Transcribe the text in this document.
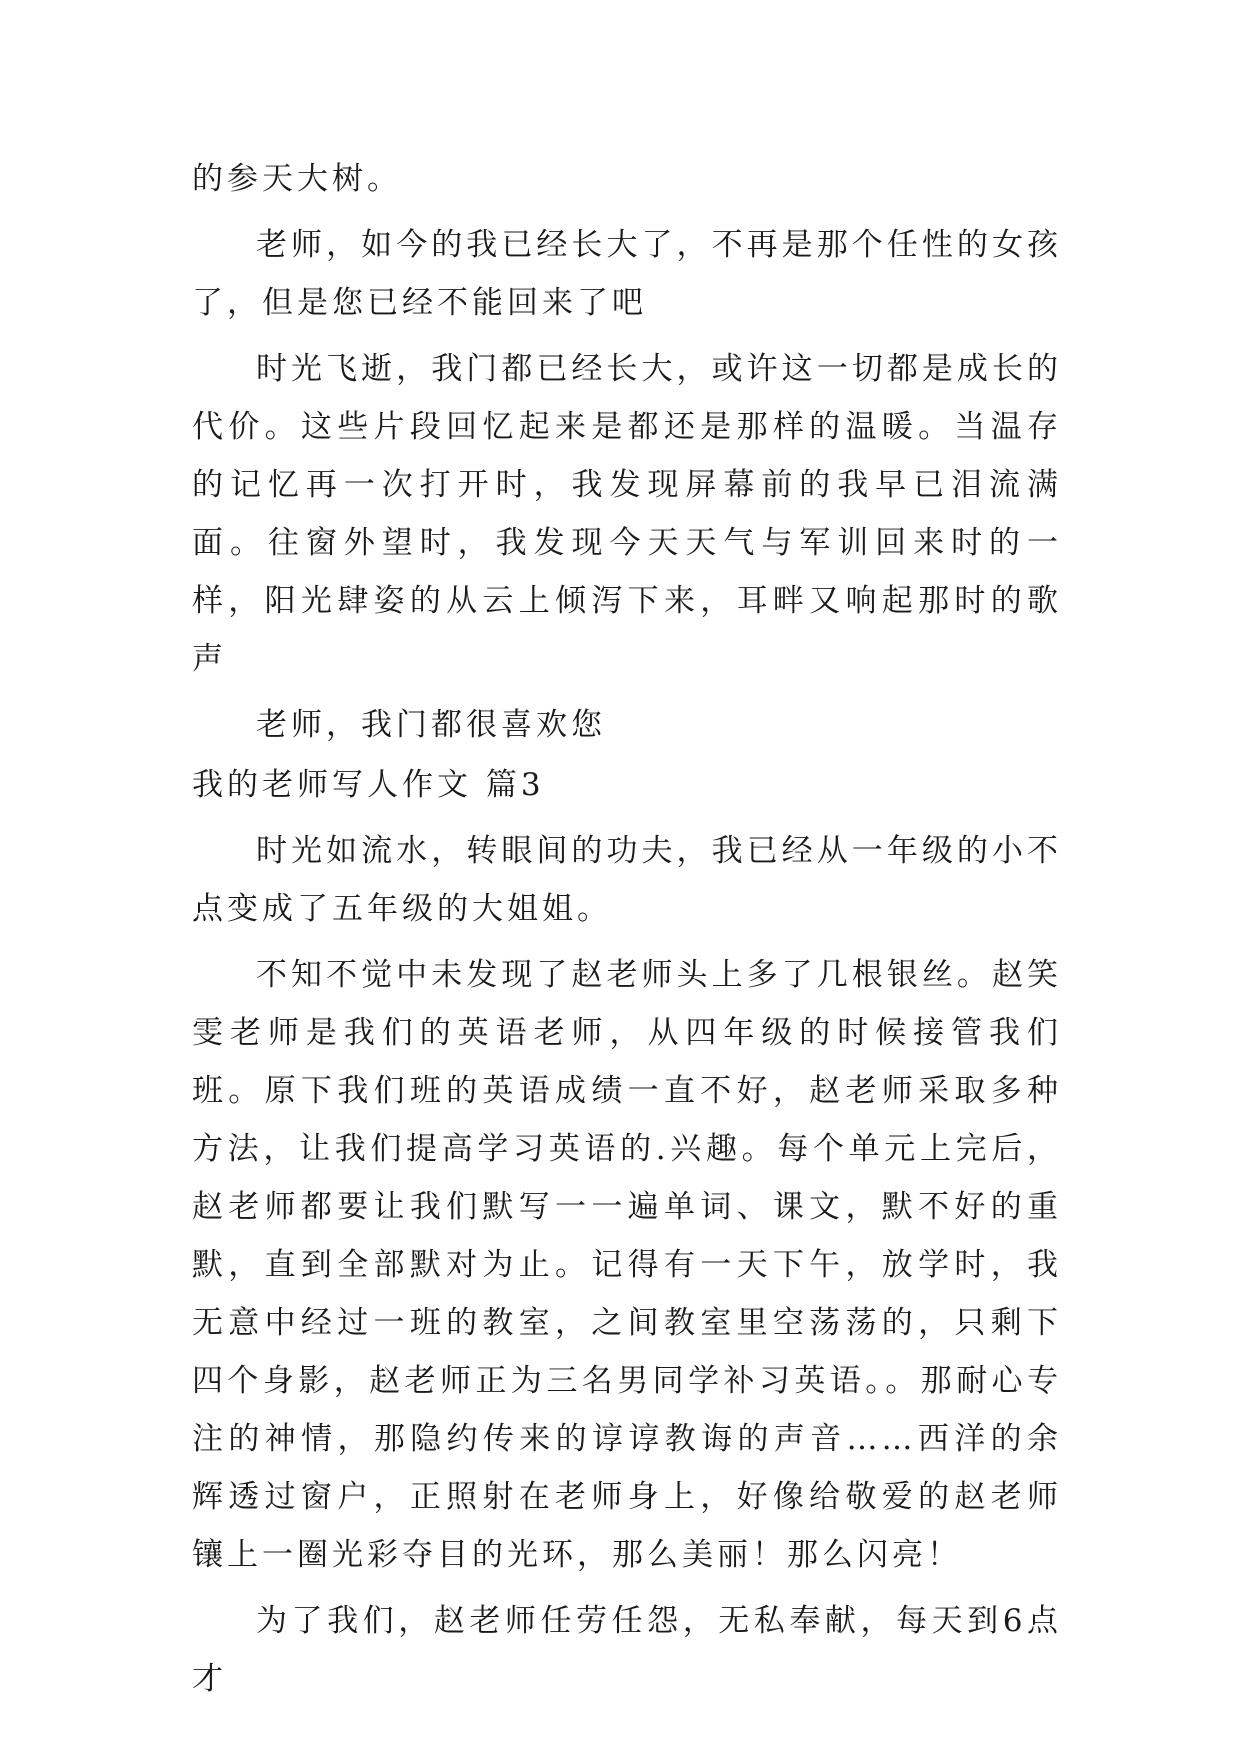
的参天大树。

老师，如今的我已经长大了，不再是那个任性的女孩了，但是您已经不能回来了吧

时光飞逝，我门都已经长大，或许这一切都是成长的代价。这些片段回忆起来是都还是那样的温暖。当温存的记忆再一次打开时，我发现屏幕前的我早已泪流满面。往窗外望时，我发现今天天气与军训回来时的一样，阳光肆姿的从云上倾泻下来，耳畔又响起那时的歌声

老师，我门都很喜欢您

我的老师写人作文 篇3

时光如流水，转眼间的功夫，我已经从一年级的小不点变成了五年级的大姐姐。

不知不觉中未发现了赵老师头上多了几根银丝。赵笑雯老师是我们的英语老师，从四年级的时候接管我们班。原下我们班的英语成绩一直不好，赵老师采取多种方法，让我们提高学习英语的.兴趣。每个单元上完后，赵老师都要让我们默写一一遍单词、课文，默不好的重默，直到全部默对为止。记得有一天下午，放学时，我无意中经过一班的教室，之间教室里空荡荡的，只剩下四个身影，赵老师正为三名男同学补习英语。。那耐心专注的神情，那隐约传来的谆谆教诲的声音……西洋的余辉透过窗户，正照射在老师身上，好像给敬爱的赵老师镶上一圈光彩夺目的光环，那么美丽！那么闪亮！

为了我们，赵老师任劳任怨，无私奉献，每天到6点才
